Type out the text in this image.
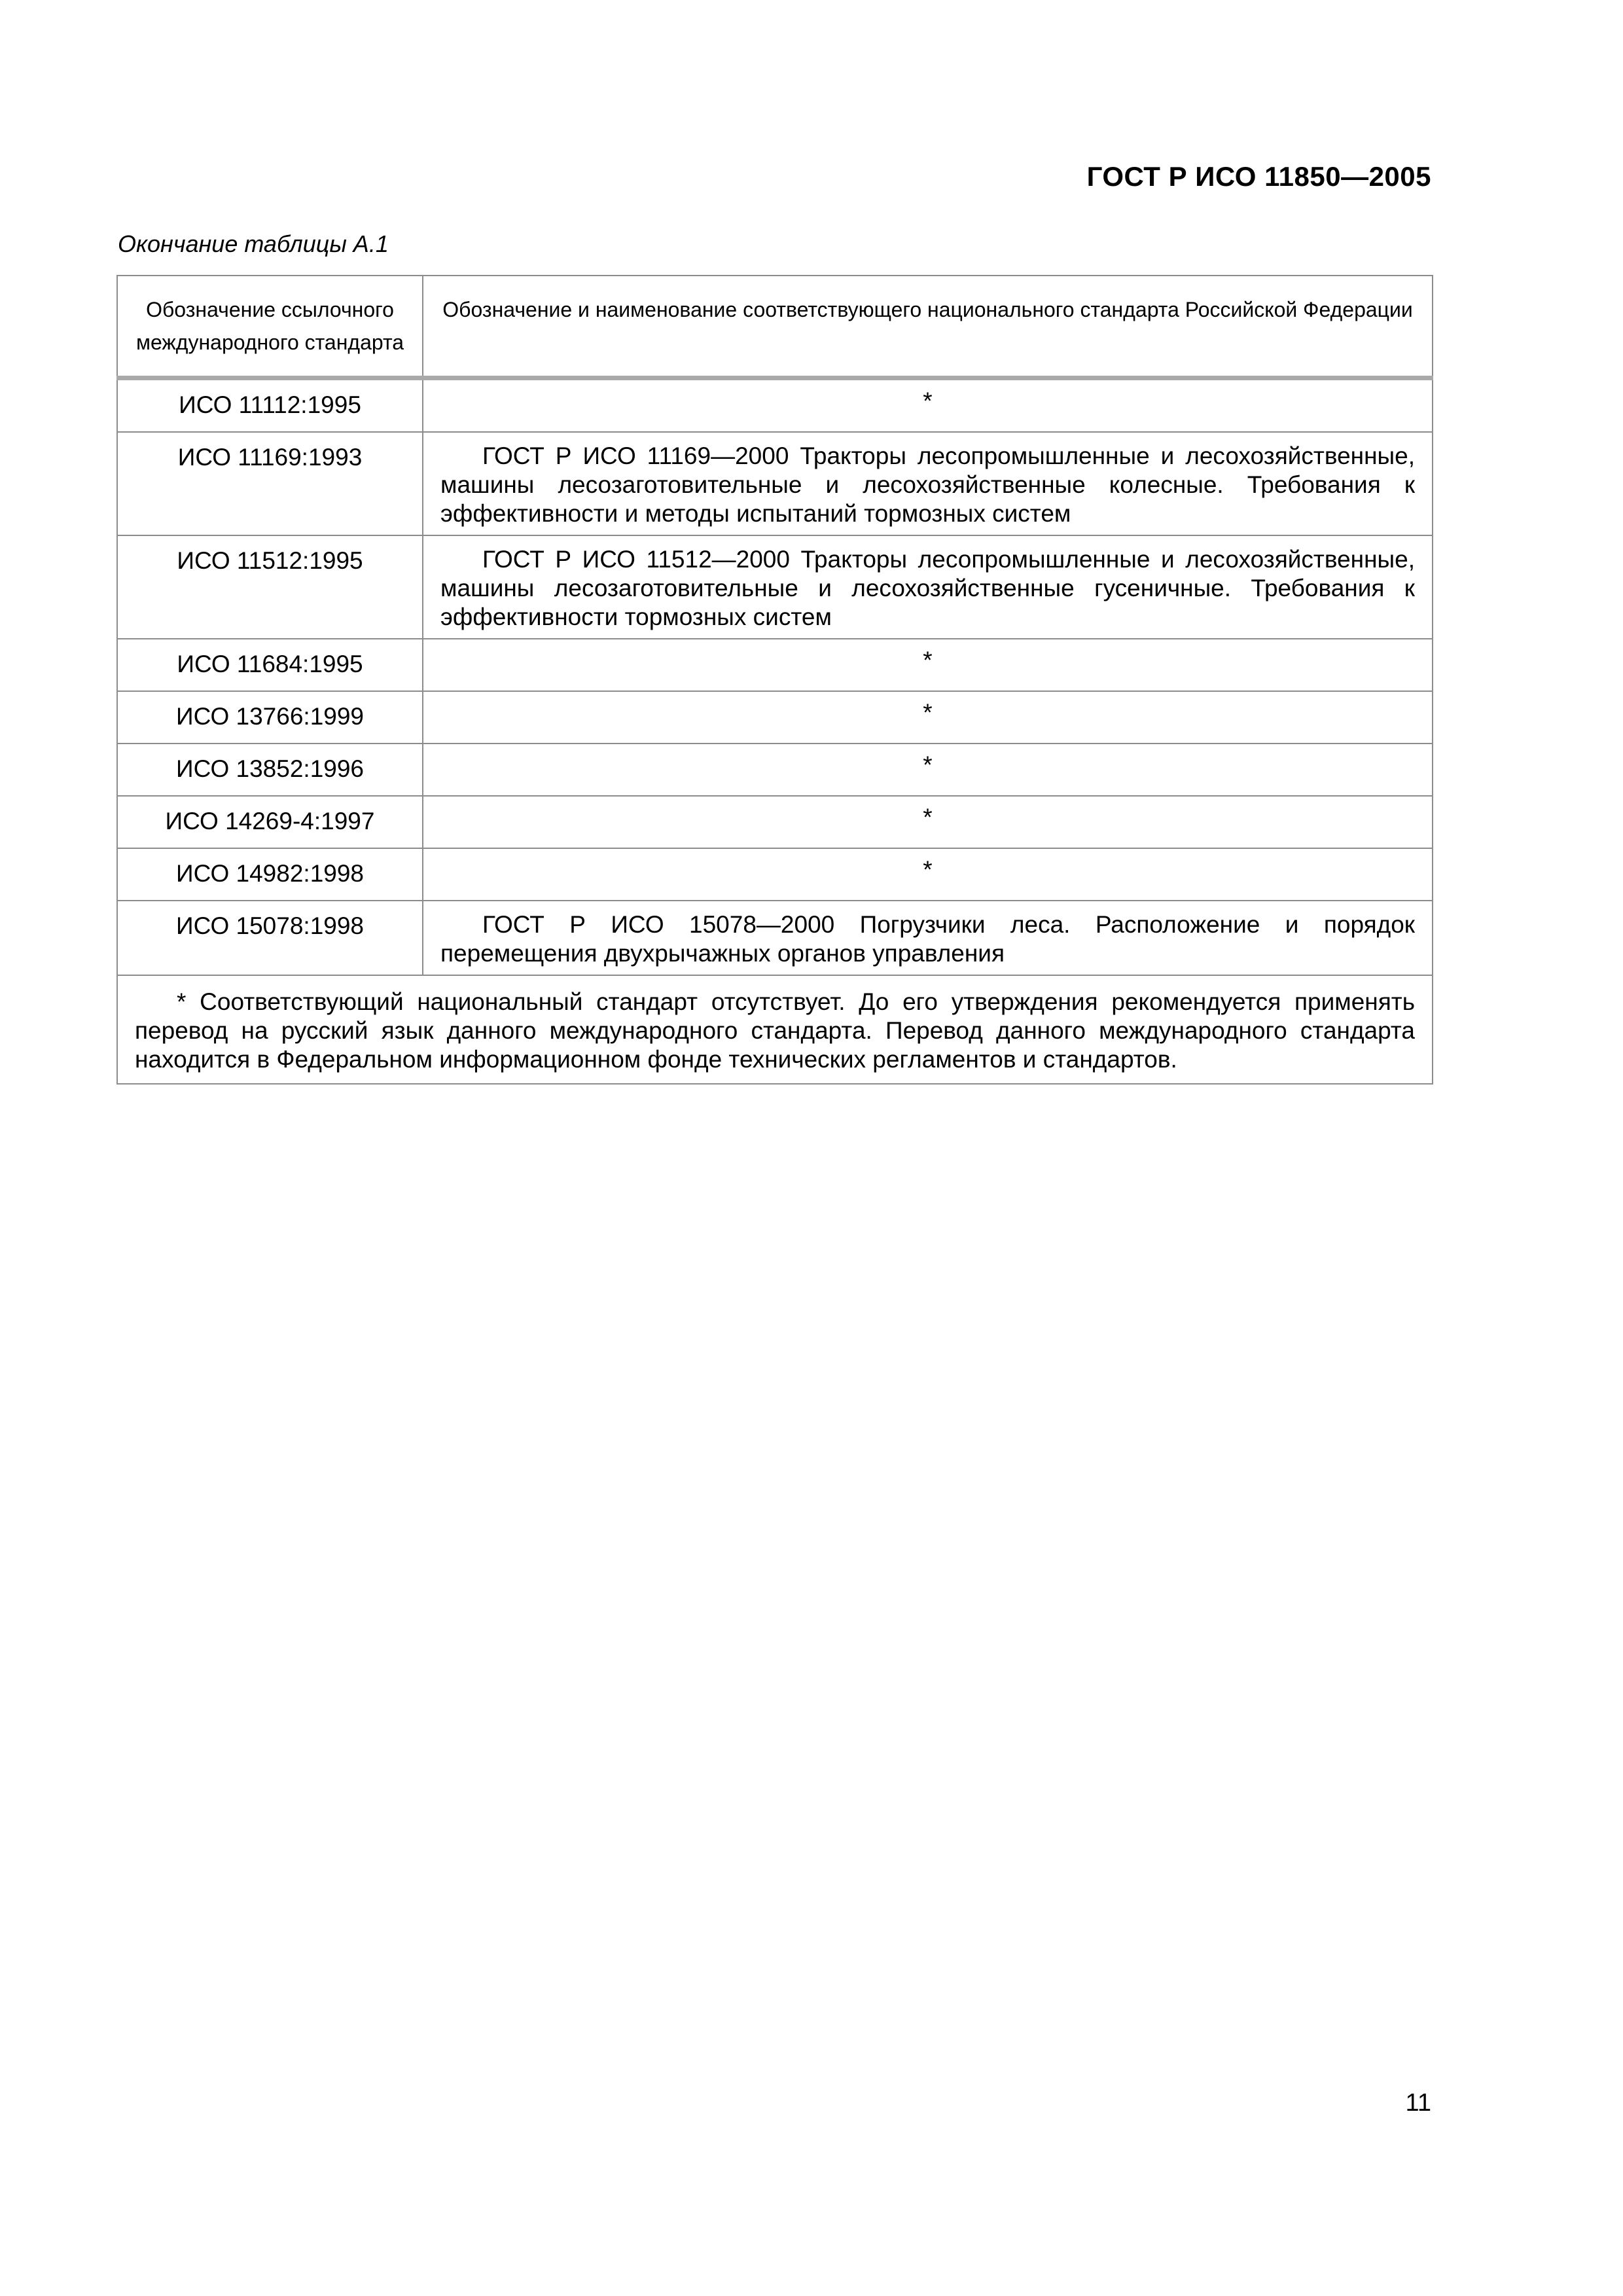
ГОСТ Р ИСО 11850—2005
Окончание таблицы А.1
Обозначение ссылочного международного стандарта	Обозначение и наименование соответствующего национального стандарта Российской Федерации
ИСО 11112:1995	*
ИСО 11169:1993	ГОСТ Р ИСО 11169—2000 Тракторы лесопромышленные и лесохозяйственные, машины лесозаготовительные и лесохозяйственные колесные. Требования к эффективности и методы испытаний тормозных систем
ИСО 11512:1995	ГОСТ Р ИСО 11512—2000 Тракторы лесопромышленные и лесохозяйственные, машины лесозаготовительные и лесохозяйственные гусеничные. Требования к эффективности тормозных систем
ИСО 11684:1995	*
ИСО 13766:1999	*
ИСО 13852:1996	*
ИСО 14269-4:1997	*
ИСО 14982:1998	*
ИСО 15078:1998	ГОСТ Р ИСО 15078—2000 Погрузчики леса. Расположение и порядок перемещения двухрычажных органов управления
* Соответствующий национальный стандарт отсутствует. До его утверждения рекомендуется применять перевод на русский язык данного международного стандарта. Перевод данного международного стандарта находится в Федеральном информационном фонде технических регламентов и стандартов.	
11
